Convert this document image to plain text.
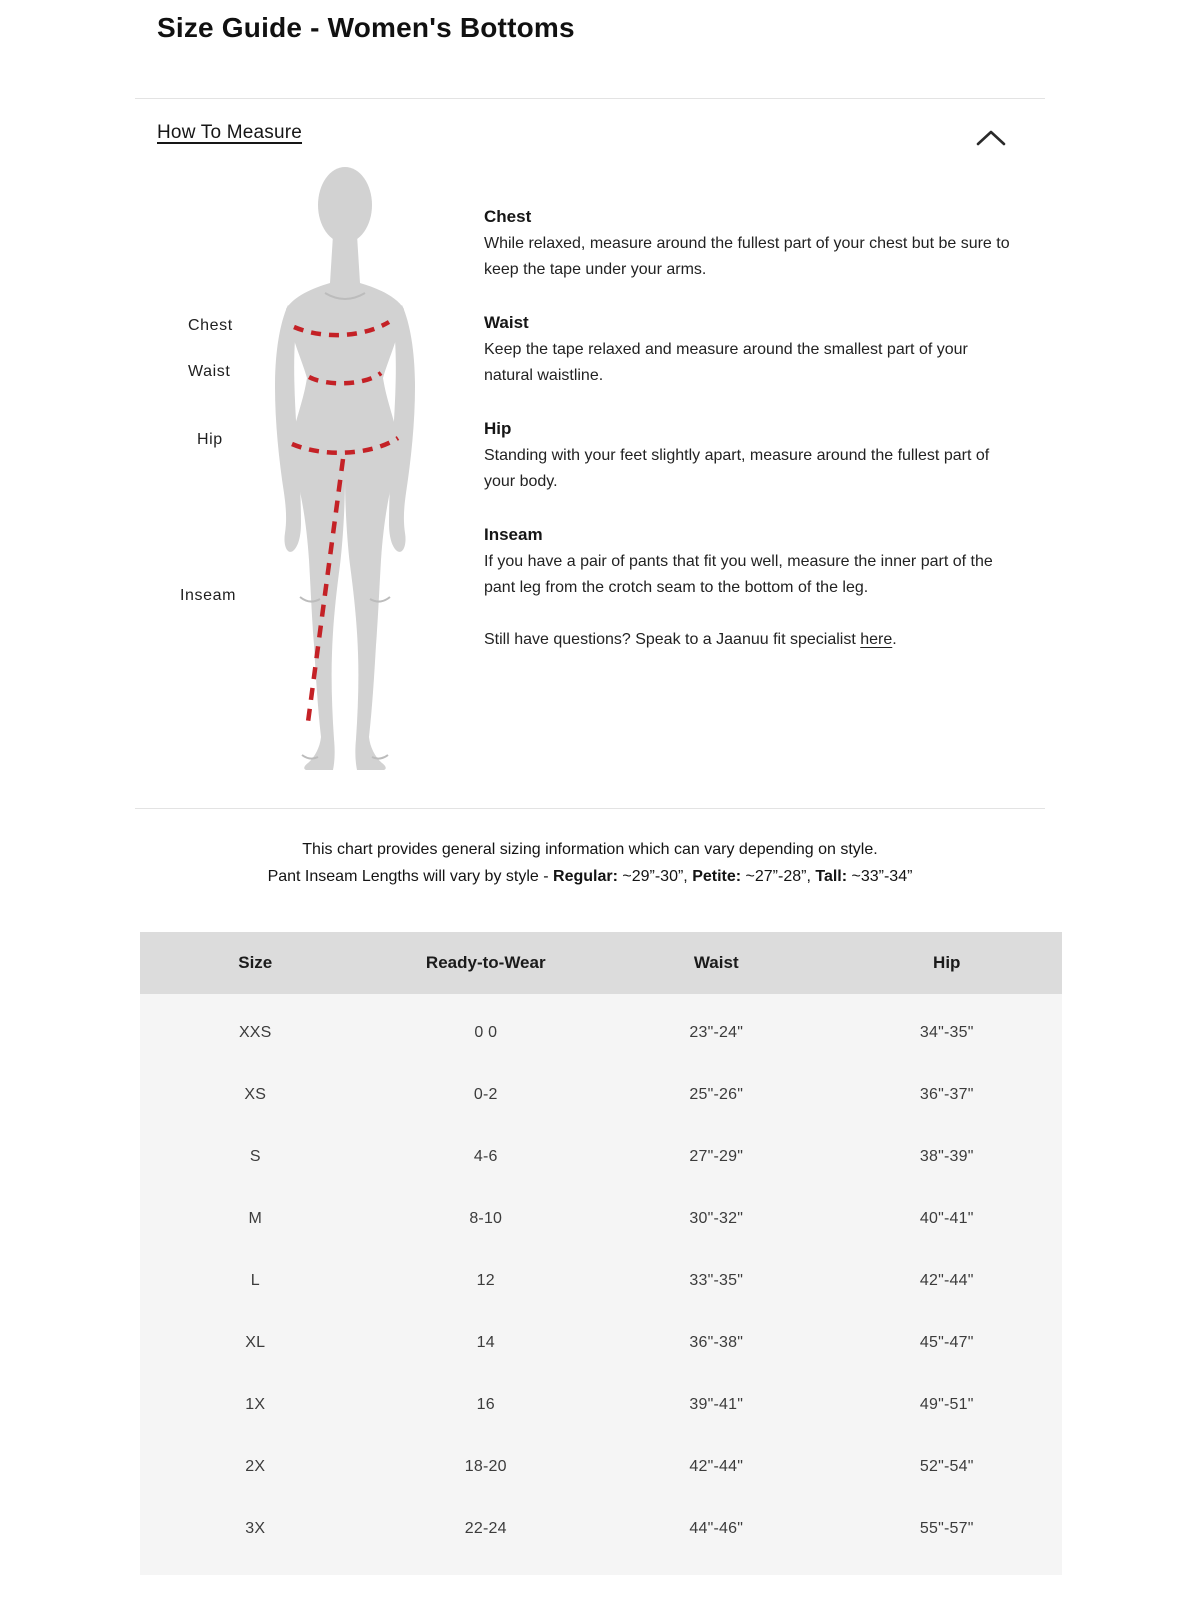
Size Guide - Women's Bottoms
How To Measure
Chest
Waist
Hip
Inseam
Chest

While relaxed, measure around the fullest part of your chest but be sure to keep the tape under your arms.

Waist

Keep the tape relaxed and measure around the smallest part of your natural waistline.

Hip

Standing with your feet slightly apart, measure around the fullest part of your body.

Inseam

If you have a pair of pants that fit you well, measure the inner part of the pant leg from the crotch seam to the bottom of the leg.

Still have questions? Speak to a Jaanuu fit specialist here.

This chart provides general sizing information which can vary depending on style.
Pant Inseam Lengths will vary by style - Regular: ~29”-30”, Petite: ~27”-28”, Tall: ~33”-34”
Size	Ready-to-Wear	Waist	Hip
XXS	0 0	23"-24"	34"-35"
XS	0-2	25"-26"	36"-37"
S	4-6	27"-29"	38"-39"
M	8-10	30"-32"	40"-41"
L	12	33"-35"	42"-44"
XL	14	36"-38"	45"-47"
1X	16	39"-41"	49"-51"
2X	18-20	42"-44"	52"-54"
3X	22-24	44"-46"	55"-57"
